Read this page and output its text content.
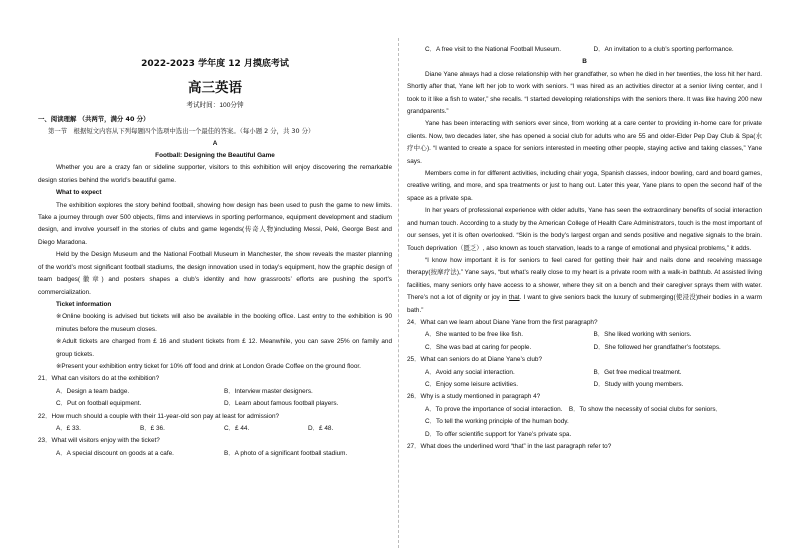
2022-2023 学年度 12 月摸底考试
高三英语
考试时间：100分钟
一、阅读理解 （共两节，满分 40 分）
第一节　根据短文内容从下列每题四个选项中选出一个最佳的答案。（每小题 2 分，共 30 分）
A
Football: Designing the Beautiful Game

Whether you are a crazy fan or sideline supporter, visitors to this exhibition will enjoy discovering the remarkable design stories behind the world’s beautiful game.

What to expect

The exhibition explores the story behind football, showing how design has been used to push the game to new limits. Take a journey through over 500 objects, films and interviews in sporting performance, equipment development and stadium design, and involve yourself in the stories of clubs and game legends(传奇人物)including Messi, Pelé, George Best and Diego Maradona.

Held by the Design Museum and the National Football Museum in Manchester, the show reveals the master planning of the world’s most significant football stadiums, the design innovation used in today’s equipment, how the graphic design of team badges(徽章) and posters shapes a club’s identity and how grassroots’ efforts are pushing the sport’s commercialization.

Ticket information

※Online booking is advised but tickets will also be available in the booking office. Last entry to the exhibition is 90 minutes before the museum closes.

※Adult tickets are charged from £ 16 and student tickets from £ 12. Meanwhile, you can save 25% on family and group tickets.

※Present your exhibition entry ticket for 10% off food and drink at London Grade Coffee on the ground floor.

21．What can visitors do at the exhibition?
A．Design a team badge.	B．Interview master designers.
C．Put on football equipment.	D．Learn about famous football players.
22．How much should a couple with their 11-year-old son pay at least for admission?
A．£ 33.	B．£ 36.	C．£ 44.	D．£ 48.
23．What will visitors enjoy with the ticket?
A．A special discount on goods at a cafe.	B．A photo of a significant football stadium.
C．A free visit to the National Football Museum.	D．An invitation to a club’s sporting performance.
B

Diane Yane always had a close relationship with her grandfather, so when he died in her twenties, the loss hit her hard. Shortly after that, Yane left her job to work with seniors. “I was hired as an activities director at a senior living center, and I took to it like a fish to water,” she recalls. “I started developing relationships with the seniors there. It was like having 200 new grandparents.”

Yane has been interacting with seniors ever since, from working at a care center to providing in-home care for private clients. Now, two decades later, she has opened a social club for adults who are 55 and older-Elder Pep Day Club & Spa(水疗中心). “I wanted to create a space for seniors interested in meeting other people, staying active and taking classes,” Yane says.

Members come in for different activities, including chair yoga, Spanish classes, indoor bowling, card and board games, creative writing, and more, and spa treatments or just to hang out. Later this year, Yane plans to open the second half of the space as a private spa.

In her years of professional experience with older adults, Yane has seen the extraordinary benefits of social interaction and human touch. According to a study by the American College of Health Care Administrators, touch is the most important of our senses, yet it is often overlooked. “Skin is the body’s largest organ and sends positive and negative signals to the brain. Touch deprivation（匮乏）, also known as touch starvation, leads to a range of emotional and physical problems,” it adds.

“I know how important it is for seniors to feel cared for getting their hair and nails done and receiving massage therapy(按摩疗法),” Yane says, “but what’s really close to my heart is a private room with a walk-in bathtub. At assisted living facilities, many seniors only have access to a shower, where they sit on a bench and their caregiver sprays them with water. There’s not a lot of dignity or joy in that. I want to give seniors back the luxury of submerging(使浸没)their bodies in a warm bath.”

24．What can we learn about Diane Yane from the first paragraph?
A．She wanted to be free like fish.	B．She liked working with seniors.
C．She was bad at caring for people.	D．She followed her grandfather’s footsteps.
25．What can seniors do at Diane Yane’s club?
A．Avoid any social interaction.	B．Get free medical treatment.
C．Enjoy some leisure activities.	D．Study with young members.
26．Why is a study mentioned in paragraph 4?
A．To prove the importance of social interaction.　B．To show the necessity of social clubs for seniors．
C．To tell the working principle of the human body.
D．To offer scientific support for Yane’s private spa.
27．What does the underlined word “that” in the last paragraph refer to?
